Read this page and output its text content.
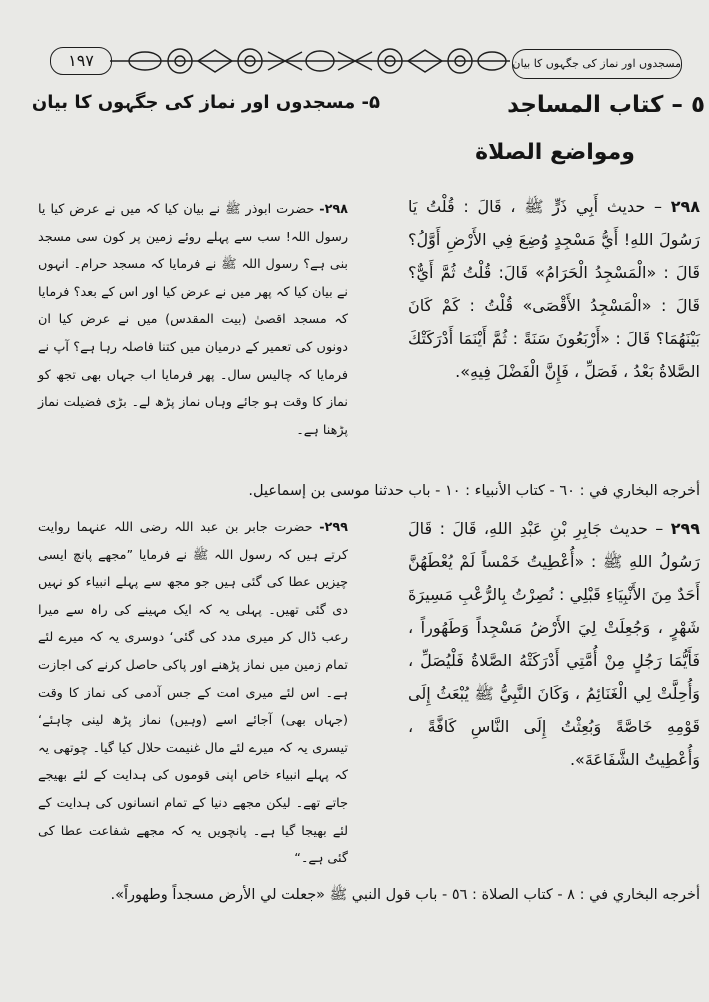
۱۹۷	مسجدوں اور نماز کی جگہوں کا بیان
٥ – كتاب المساجد
ومواضع الصلاة
۵- مسجدوں اور نماز کی جگہوں کا بیان
٢٩٨ – حديث أَبِي ذَرٍّ ﷺ ، قَالَ : قُلْتُ يَا رَسُولَ اللهِ! أَيُّ مَسْجِدٍ وُضِعَ فِي الأَرْضِ أَوَّلُ؟ قَالَ : «الْمَسْجِدُ الْحَرَامُ» قَالَ: قُلْتُ ثُمَّ أَيٌّ؟ قَالَ : «الْمَسْجِدُ الأَقْصَى» قُلْتُ : كَمْ كَانَ بَيْنَهُمَا؟ قَالَ : «أَرْبَعُونَ سَنَةً : ثُمَّ أَيْنَمَا أَدْرَكَتْكَ الصَّلاةُ بَعْدُ ، فَصَلِّ ، فَإِنَّ الْفَضْلَ فِيهِ».
۲۹۸- حضرت ابوذر ﷺ نے بیان کیا کہ میں نے عرض کیا یا رسول اللہ! سب سے پہلے روئے زمین پر کون سی مسجد بنی ہے؟ رسول اللہ ﷺ نے فرمایا کہ مسجد حرام۔ انہوں نے بیان کیا کہ پھر میں نے عرض کیا اور اس کے بعد؟ فرمایا کہ مسجد اقصیٰ (بیت المقدس) میں نے عرض کیا ان دونوں کی تعمیر کے درمیان میں کتنا فاصلہ رہا ہے؟ آپ نے فرمایا کہ چالیس سال۔ پھر فرمایا اب جہاں بھی تجھ کو نماز کا وقت ہو جائے وہاں نماز پڑھ لے۔ بڑی فضیلت نماز پڑھنا ہے۔
أخرجه البخاري في : ٦٠ - كتاب الأنبياء : ١٠ - باب حدثنا موسى بن إسماعيل.
٢٩٩ – حديث جَابِرِ بْنِ عَبْدِ اللهِ، قَالَ : قَالَ رَسُولُ اللهِ ﷺ : «أُعْطِيتُ خَمْساً لَمْ يُعْطَهُنَّ أَحَدٌ مِنَ الأَنْبِيَاءِ قَبْلِي : نُصِرْتُ بِالرُّعْبِ مَسِيرَةَ شَهْرٍ ، وَجُعِلَتْ لِيَ الأَرْضُ مَسْجِداً وَطَهُوراً ، فَأَيُّمَا رَجُلٍ مِنْ أُمَّتِي أَدْرَكَتْهُ الصَّلاةُ فَلْيُصَلِّ ، وَأُحِلَّتْ لِي الْغَنَائِمُ ، وَكَانَ النَّبِيُّ ﷺ يُبْعَثُ إِلَى قَوْمِهِ خَاصَّةً وَبُعِثْتُ إِلَى النَّاسِ كَافَّةً ، وَأُعْطِيتُ الشَّفَاعَةَ».
۲۹۹- حضرت جابر بن عبد اللہ رضی اللہ عنہما روایت کرتے ہیں کہ رسول اللہ ﷺ نے فرمایا ”مجھے پانچ ایسی چیزیں عطا کی گئی ہیں جو مجھ سے پہلے انبیاء کو نہیں دی گئی تھیں۔ پہلی یہ کہ ایک مہینے کی راہ سے میرا رعب ڈال کر میری مدد کی گئی‘ دوسری یہ کہ میرے لئے تمام زمین میں نماز پڑھنے اور پاکی حاصل کرنے کی اجازت ہے۔ اس لئے میری امت کے جس آدمی کی نماز کا وقت (جہاں بھی) آجائے اسے (وہیں) نماز پڑھ لینی چاہئے‘ تیسری یہ کہ میرے لئے مال غنیمت حلال کیا گیا۔ چوتھی یہ کہ پہلے انبیاء خاص اپنی قوموں کی ہدایت کے لئے بھیجے جاتے تھے۔ لیکن مجھے دنیا کے تمام انسانوں کی ہدایت کے لئے بھیجا گیا ہے۔ پانچویں یہ کہ مجھے شفاعت عطا کی گئی ہے۔“
أخرجه البخاري في : ٨ - كتاب الصلاة : ٥٦ - باب قول النبي ﷺ «جعلت لي الأرض مسجداً وطهوراً».
